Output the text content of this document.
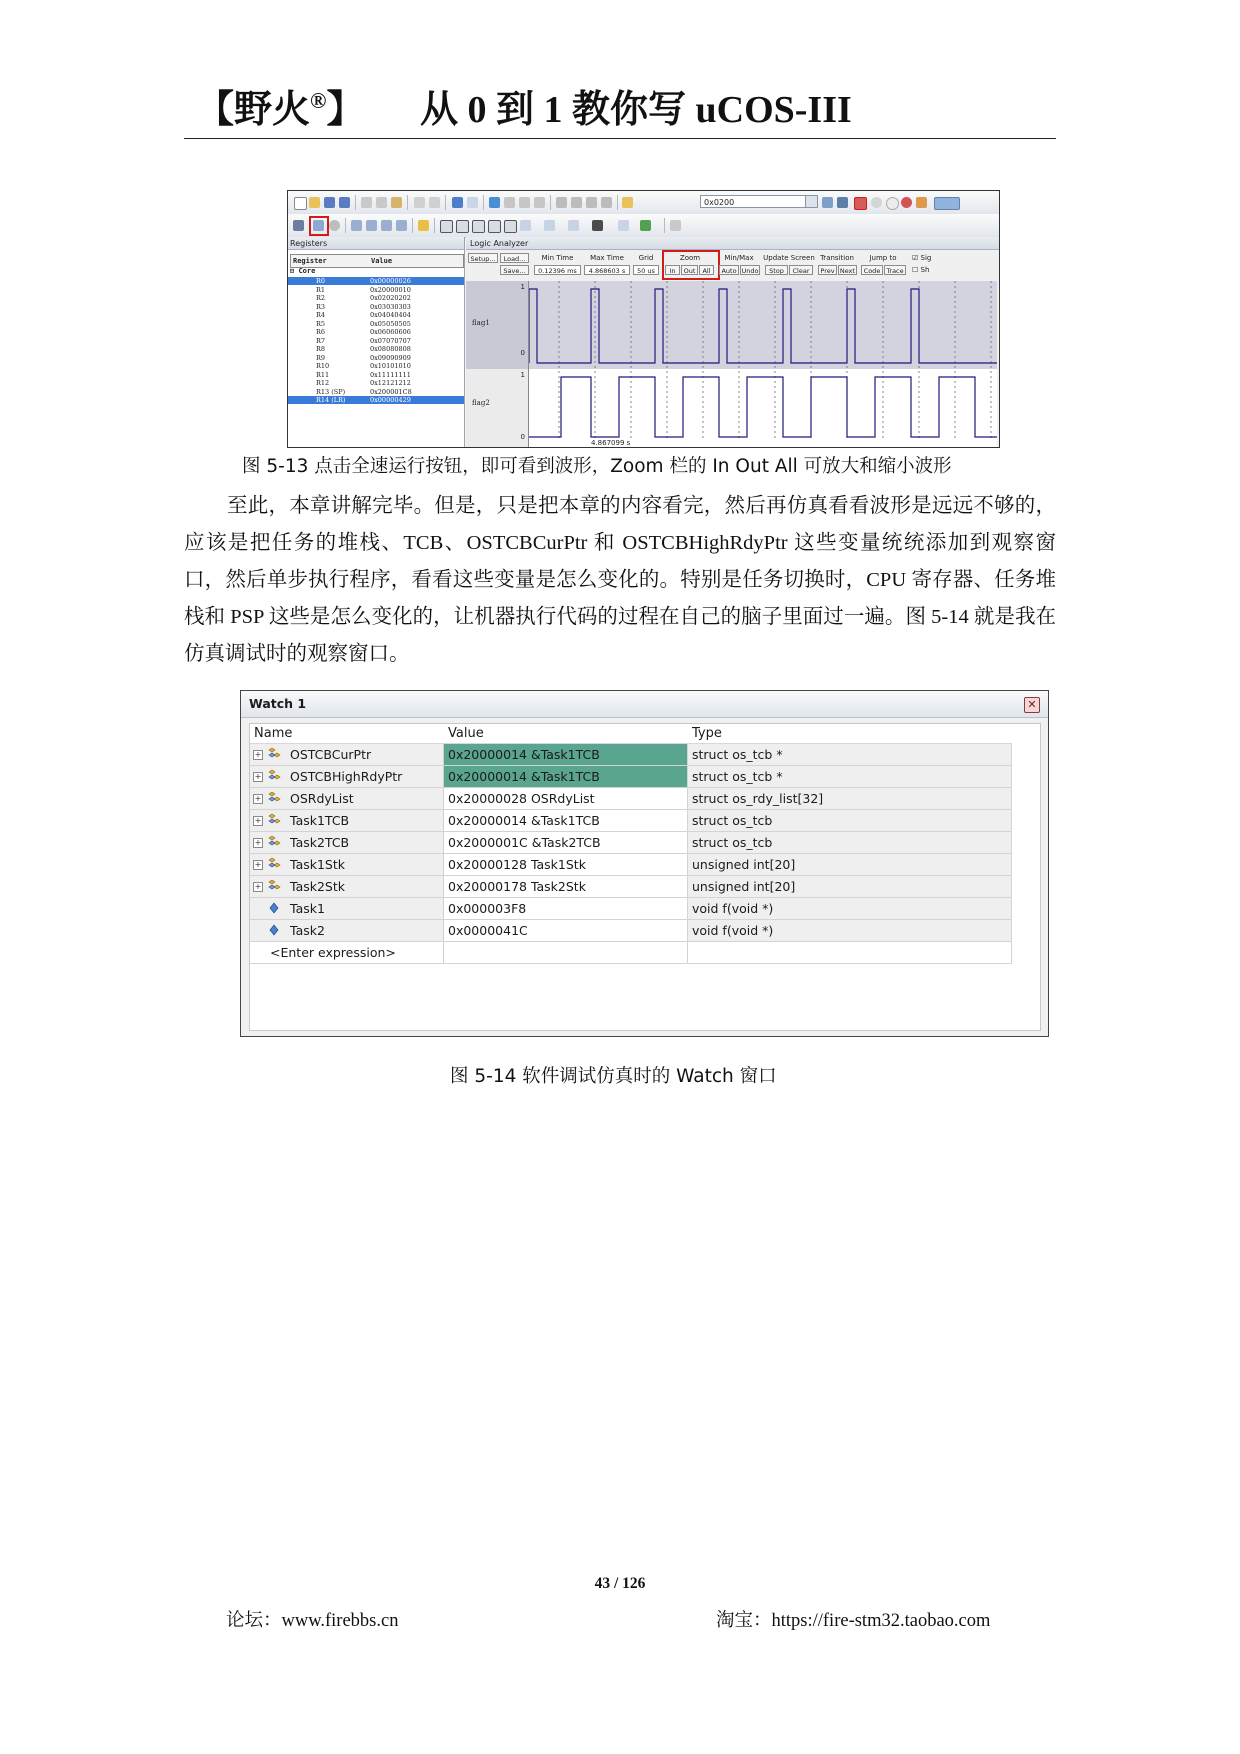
【野火®】 从 0 到 1 教你写 uCOS-III
0x0200
Registers
Register	Value
⊟ Core
R0	0x00000026
R1	0x20000010
R2	0x02020202
R3	0x03030303
R4	0x04040404
R5	0x05050505
R6	0x06060606
R7	0x07070707
R8	0x08080808
R9	0x09090909
R10	0x10101010
R11	0x11111111
R12	0x12121212
R13 (SP)	0x200001C8
R14 (LR)	0x00000429
Logic Analyzer
Setup...	Load...
Save...
Min Time
0.12396 ms
Max Time
4.868603 s
Grid
50 us
Zoom
In	Out	All
Min/Max
Auto Undo
Update Screen
Stop	Clear
Transition
Prev Next
Jump to
Code Trace
☑ Sig
☐ Sh
1
flag1
0
1
flag2
0
4.867099 s
图 5-13 点击全速运行按钮，即可看到波形，Zoom 栏的 In Out All 可放大和缩小波形
至此，本章讲解完毕。但是，只是把本章的内容看完，然后再仿真看看波形是远远不够的，应该是把任务的堆栈、TCB、OSTCBCurPtr 和 OSTCBHighRdyPtr 这些变量统统添加到观察窗口，然后单步执行程序，看看这些变量是怎么变化的。特别是任务切换时，CPU 寄存器、任务堆栈和 PSP 这些是怎么变化的，让机器执行代码的过程在自己的脑子里面过一遍。图 5-14 就是我在仿真调试时的观察窗口。
Watch 1	✕
Name	Value	Type
+ OSTCBCurPtr	0x20000014 &Task1TCB	struct os_tcb *
+ OSTCBHighRdyPtr	0x20000014 &Task1TCB	struct os_tcb *
+ OSRdyList	0x20000028 OSRdyList	struct os_rdy_list[32]
+ Task1TCB	0x20000014 &Task1TCB	struct os_tcb
+ Task2TCB	0x2000001C &Task2TCB	struct os_tcb
+ Task1Stk	0x20000128 Task1Stk	unsigned int[20]
+ Task2Stk	0x20000178 Task2Stk	unsigned int[20]
Task1	0x000003F8	void f(void *)
Task2	0x0000041C	void f(void *)
<Enter expression>
图 5-14 软件调试仿真时的 Watch 窗口
43 / 126
论坛：www.firebbs.cn	淘宝：https://fire-stm32.taobao.com
